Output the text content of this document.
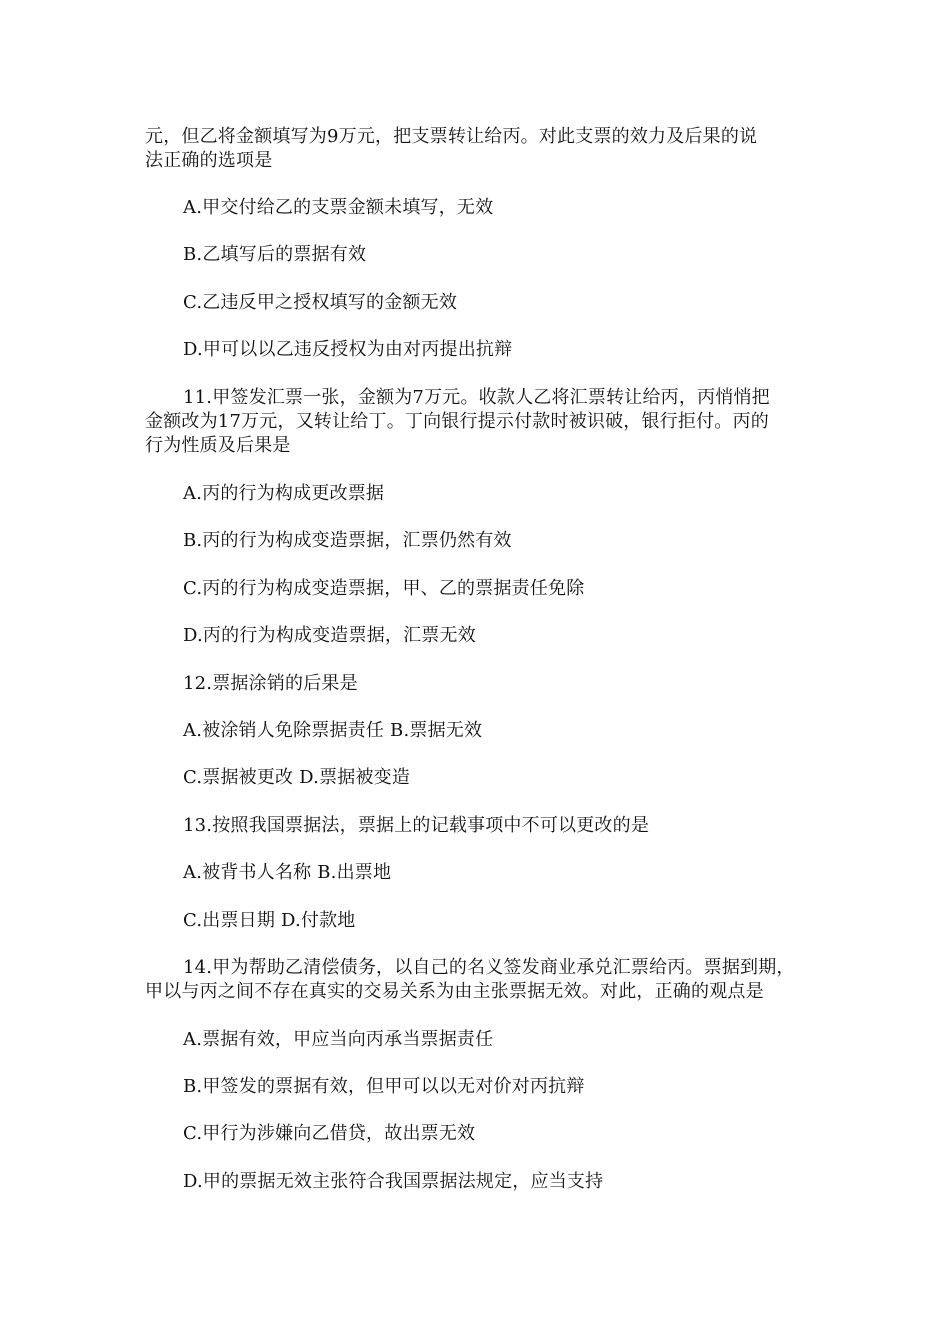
元，但乙将金额填写为9万元，把支票转让给丙。对此支票的效力及后果的说
法正确的选项是
A.甲交付给乙的支票金额未填写，无效
B.乙填写后的票据有效
C.乙违反甲之授权填写的金额无效
D.甲可以以乙违反授权为由对丙提出抗辩
11.甲签发汇票一张，金额为7万元。收款人乙将汇票转让给丙，丙悄悄把
金额改为17万元，又转让给丁。丁向银行提示付款时被识破，银行拒付。丙的
行为性质及后果是
A.丙的行为构成更改票据
B.丙的行为构成变造票据，汇票仍然有效
C.丙的行为构成变造票据，甲、乙的票据责任免除
D.丙的行为构成变造票据，汇票无效
12.票据涂销的后果是
A.被涂销人免除票据责任 B.票据无效
C.票据被更改 D.票据被变造
13.按照我国票据法，票据上的记载事项中不可以更改的是
A.被背书人名称 B.出票地
C.出票日期 D.付款地
14.甲为帮助乙清偿债务，以自己的名义签发商业承兑汇票给丙。票据到期，
甲以与丙之间不存在真实的交易关系为由主张票据无效。对此，正确的观点是
A.票据有效，甲应当向丙承当票据责任
B.甲签发的票据有效，但甲可以以无对价对丙抗辩
C.甲行为涉嫌向乙借贷，故出票无效
D.甲的票据无效主张符合我国票据法规定，应当支持
